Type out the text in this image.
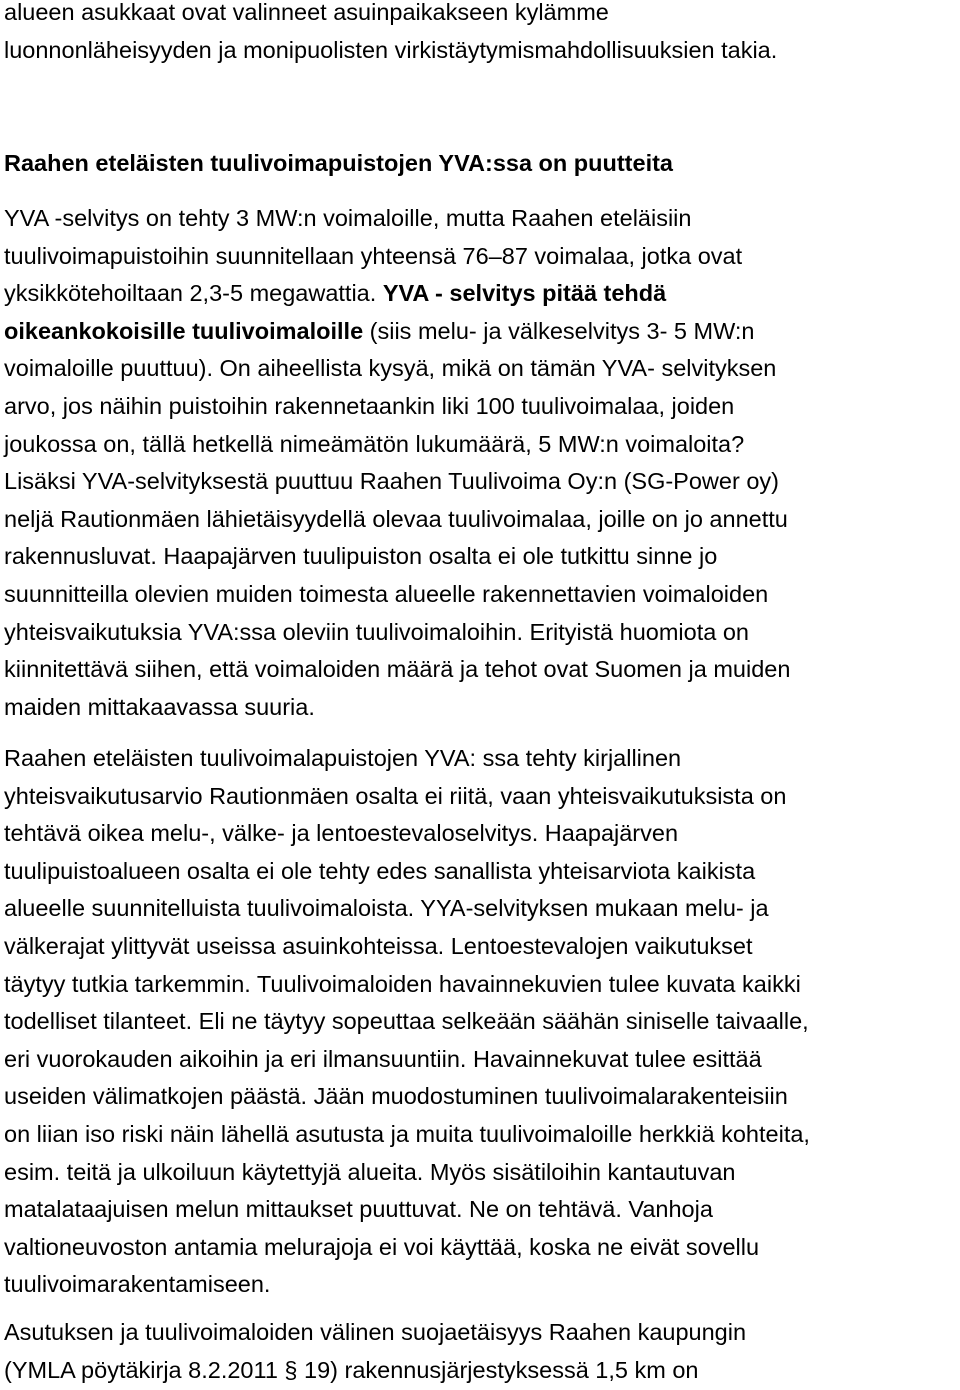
alueen asukkaat ovat valinneet asuinpaikakseen kylämme
luonnonläheisyyden ja monipuolisten virkistäytymismahdollisuuksien takia.
Raahen eteläisten tuulivoimapuistojen YVA:ssa on puutteita
YVA -selvitys on tehty 3 MW:n voimaloille, mutta Raahen eteläisiin
tuulivoimapuistoihin suunnitellaan yhteensä 76–87 voimalaa, jotka ovat
yksikkötehoiltaan 2,3-5 megawattia. YVA - selvitys pitää tehdä
oikeankokoisille tuulivoimaloille (siis melu- ja välkeselvitys 3- 5 MW:n
voimaloille puuttuu). On aiheellista kysyä, mikä on tämän YVA- selvityksen
arvo, jos näihin puistoihin rakennetaankin liki 100 tuulivoimalaa, joiden
joukossa on, tällä hetkellä nimeämätön lukumäärä, 5 MW:n voimaloita?
Lisäksi YVA-selvityksestä puuttuu Raahen Tuulivoima Oy:n (SG-Power oy)
neljä Rautionmäen lähietäisyydellä olevaa tuulivoimalaa, joille on jo annettu
rakennusluvat. Haapajärven tuulipuiston osalta ei ole tutkittu sinne jo
suunnitteilla olevien muiden toimesta alueelle rakennettavien voimaloiden
yhteisvaikutuksia YVA:ssa oleviin tuulivoimaloihin. Erityistä huomiota on
kiinnitettävä siihen, että voimaloiden määrä ja tehot ovat Suomen ja muiden
maiden mittakaavassa suuria.
Raahen eteläisten tuulivoimalapuistojen YVA: ssa tehty kirjallinen
yhteisvaikutusarvio Rautionmäen osalta ei riitä, vaan yhteisvaikutuksista on
tehtävä oikea melu-, välke- ja lentoestevaloselvitys. Haapajärven
tuulipuistoalueen osalta ei ole tehty edes sanallista yhteisarviota kaikista
alueelle suunnitelluista tuulivoimaloista. YYA-selvityksen mukaan melu- ja
välkerajat ylittyvät useissa asuinkohteissa. Lentoestevalojen vaikutukset
täytyy tutkia tarkemmin. Tuulivoimaloiden havainnekuvien tulee kuvata kaikki
todelliset tilanteet. Eli ne täytyy sopeuttaa selkeään säähän siniselle taivaalle,
eri vuorokauden aikoihin ja eri ilmansuuntiin. Havainnekuvat tulee esittää
useiden välimatkojen päästä. Jään muodostuminen tuulivoimalarakenteisiin
on liian iso riski näin lähellä asutusta ja muita tuulivoimaloille herkkiä kohteita,
esim. teitä ja ulkoiluun käytettyjä alueita. Myös sisätiloihin kantautuvan
matalataajuisen melun mittaukset puuttuvat. Ne on tehtävä. Vanhoja
valtioneuvoston antamia melurajoja ei voi käyttää, koska ne eivät sovellu
tuulivoimarakentamiseen.
Asutuksen ja tuulivoimaloiden välinen suojaetäisyys Raahen kaupungin
(YMLA pöytäkirja 8.2.2011 § 19) rakennusjärjestyksessä 1,5 km on
